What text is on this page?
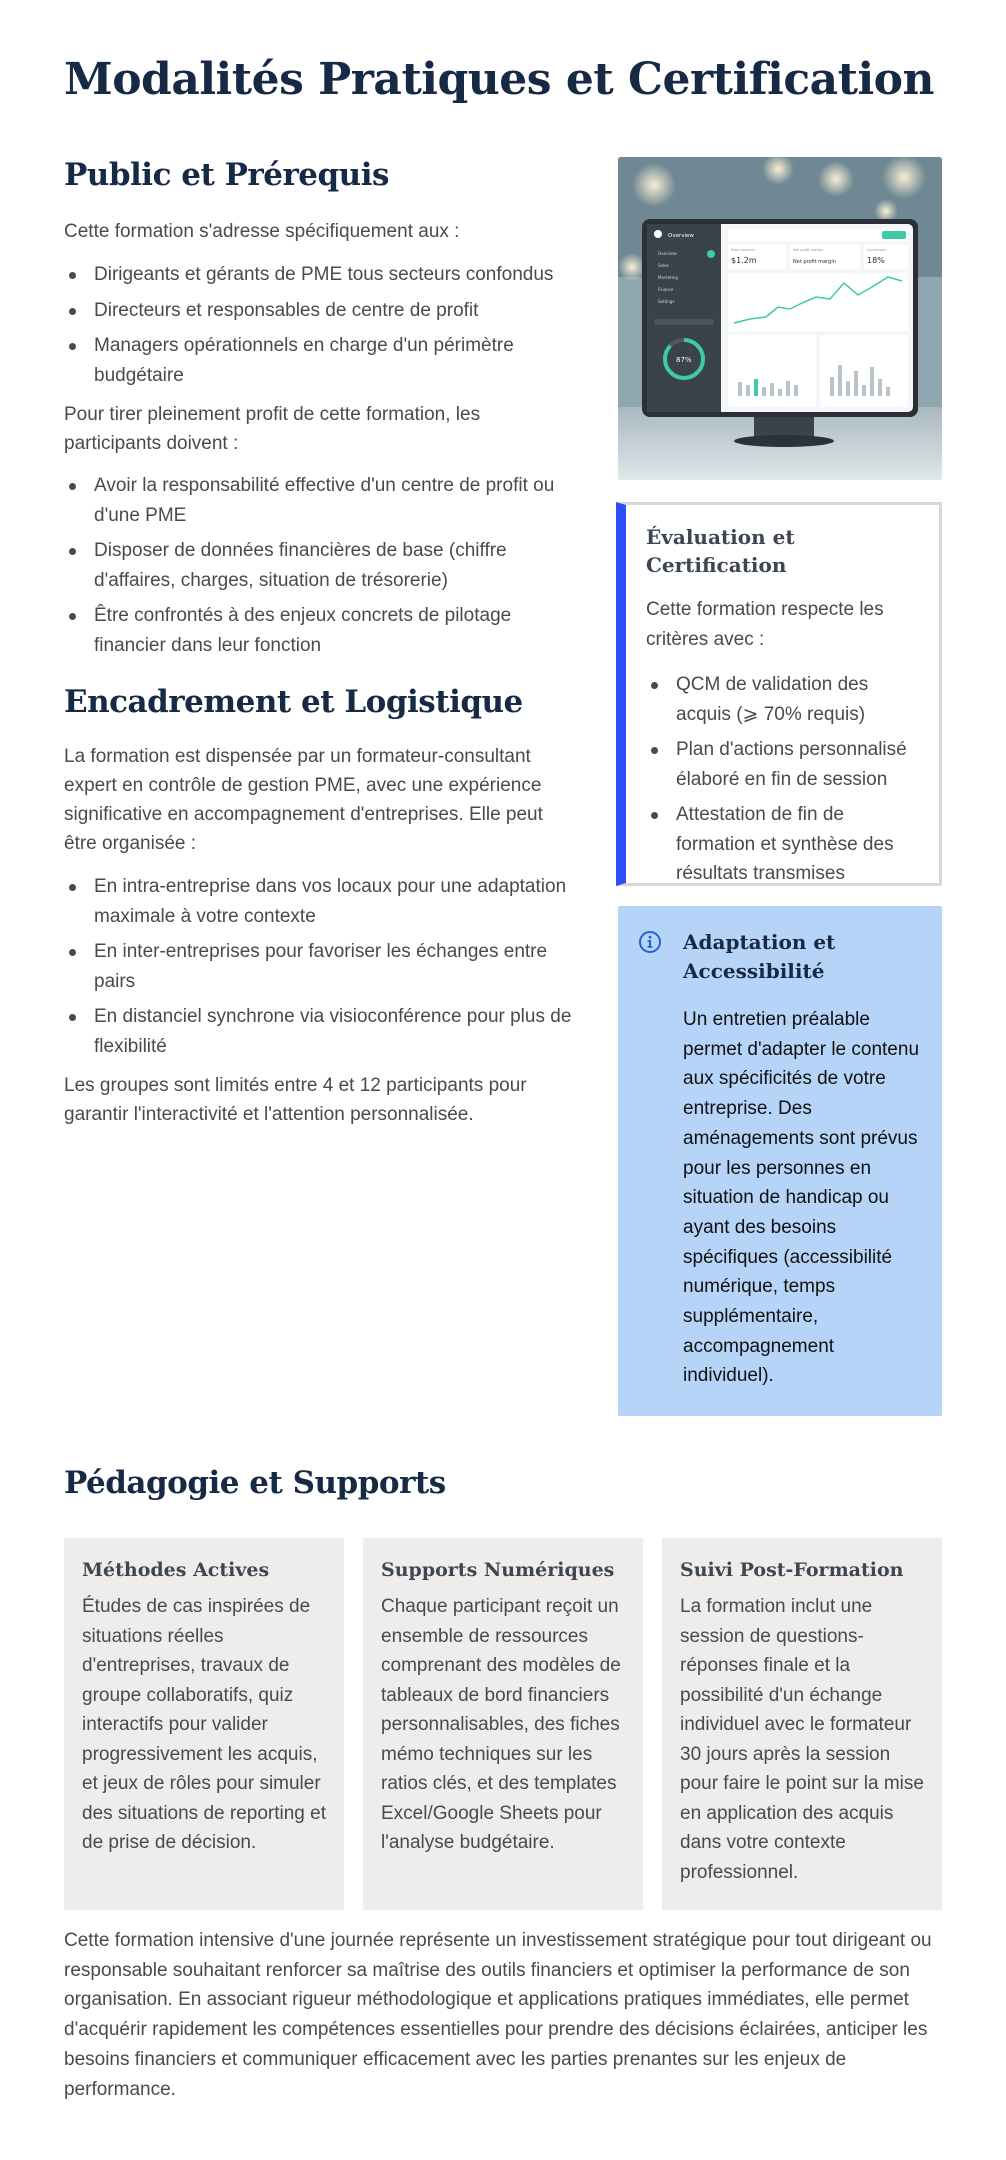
Modalités Pratiques et Certification
Public et Prérequis

Cette formation s'adresse spécifiquement aux :

Dirigeants et gérants de PME tous secteurs confondus
Directeurs et responsables de centre de profit
Managers opérationnels en charge d'un périmètre budgétaire

Pour tirer pleinement profit de cette formation, les participants doivent :

Avoir la responsabilité effective d'un centre de profit ou d'une PME
Disposer de données financières de base (chiffre d'affaires, charges, situation de trésorerie)
Être confrontés à des enjeux concrets de pilotage financier dans leur fonction
Encadrement et Logistique

La formation est dispensée par un formateur-consultant expert en contrôle de gestion PME, avec une expérience significative en accompagnement d'entreprises. Elle peut être organisée :

En intra-entreprise dans vos locaux pour une adaptation maximale à votre contexte
En inter-entreprises pour favoriser les échanges entre pairs
En distanciel synchrone via visioconférence pour plus de flexibilité

Les groupes sont limités entre 4 et 12 participants pour garantir l'interactivité et l'attention personnalisée.

Overview
Overview
Sales
Marketing
Finance
Settings
87%
Total revenue	Net profit margin	Conversion
$1.2m	Net profit margin	18%
Évaluation et Certification

Cette formation respecte les critères avec :

QCM de validation des acquis (⩾ 70% requis)
Plan d'actions personnalisé élaboré en fin de session
Attestation de fin de formation et synthèse des résultats transmises
Adaptation et Accessibilité

Un entretien préalable permet d'adapter le contenu aux spécificités de votre entreprise. Des aménagements sont prévus pour les personnes en situation de handicap ou ayant des besoins spécifiques (accessibilité numérique, temps supplémentaire, accompagnement individuel).

Pédagogie et Supports
Méthodes Actives

Études de cas inspirées de situations réelles d'entreprises, travaux de groupe collaboratifs, quiz interactifs pour valider progressivement les acquis, et jeux de rôles pour simuler des situations de reporting et de prise de décision.

Supports Numériques

Chaque participant reçoit un ensemble de ressources comprenant des modèles de tableaux de bord financiers personnalisables, des fiches mémo techniques sur les ratios clés, et des templates Excel/Google Sheets pour l'analyse budgétaire.

Suivi Post-Formation

La formation inclut une session de questions-réponses finale et la possibilité d'un échange individuel avec le formateur 30 jours après la session pour faire le point sur la mise en application des acquis dans votre contexte professionnel.

Cette formation intensive d'une journée représente un investissement stratégique pour tout dirigeant ou responsable souhaitant renforcer sa maîtrise des outils financiers et optimiser la performance de son organisation. En associant rigueur méthodologique et applications pratiques immédiates, elle permet d'acquérir rapidement les compétences essentielles pour prendre des décisions éclairées, anticiper les besoins financiers et communiquer efficacement avec les parties prenantes sur les enjeux de performance.
